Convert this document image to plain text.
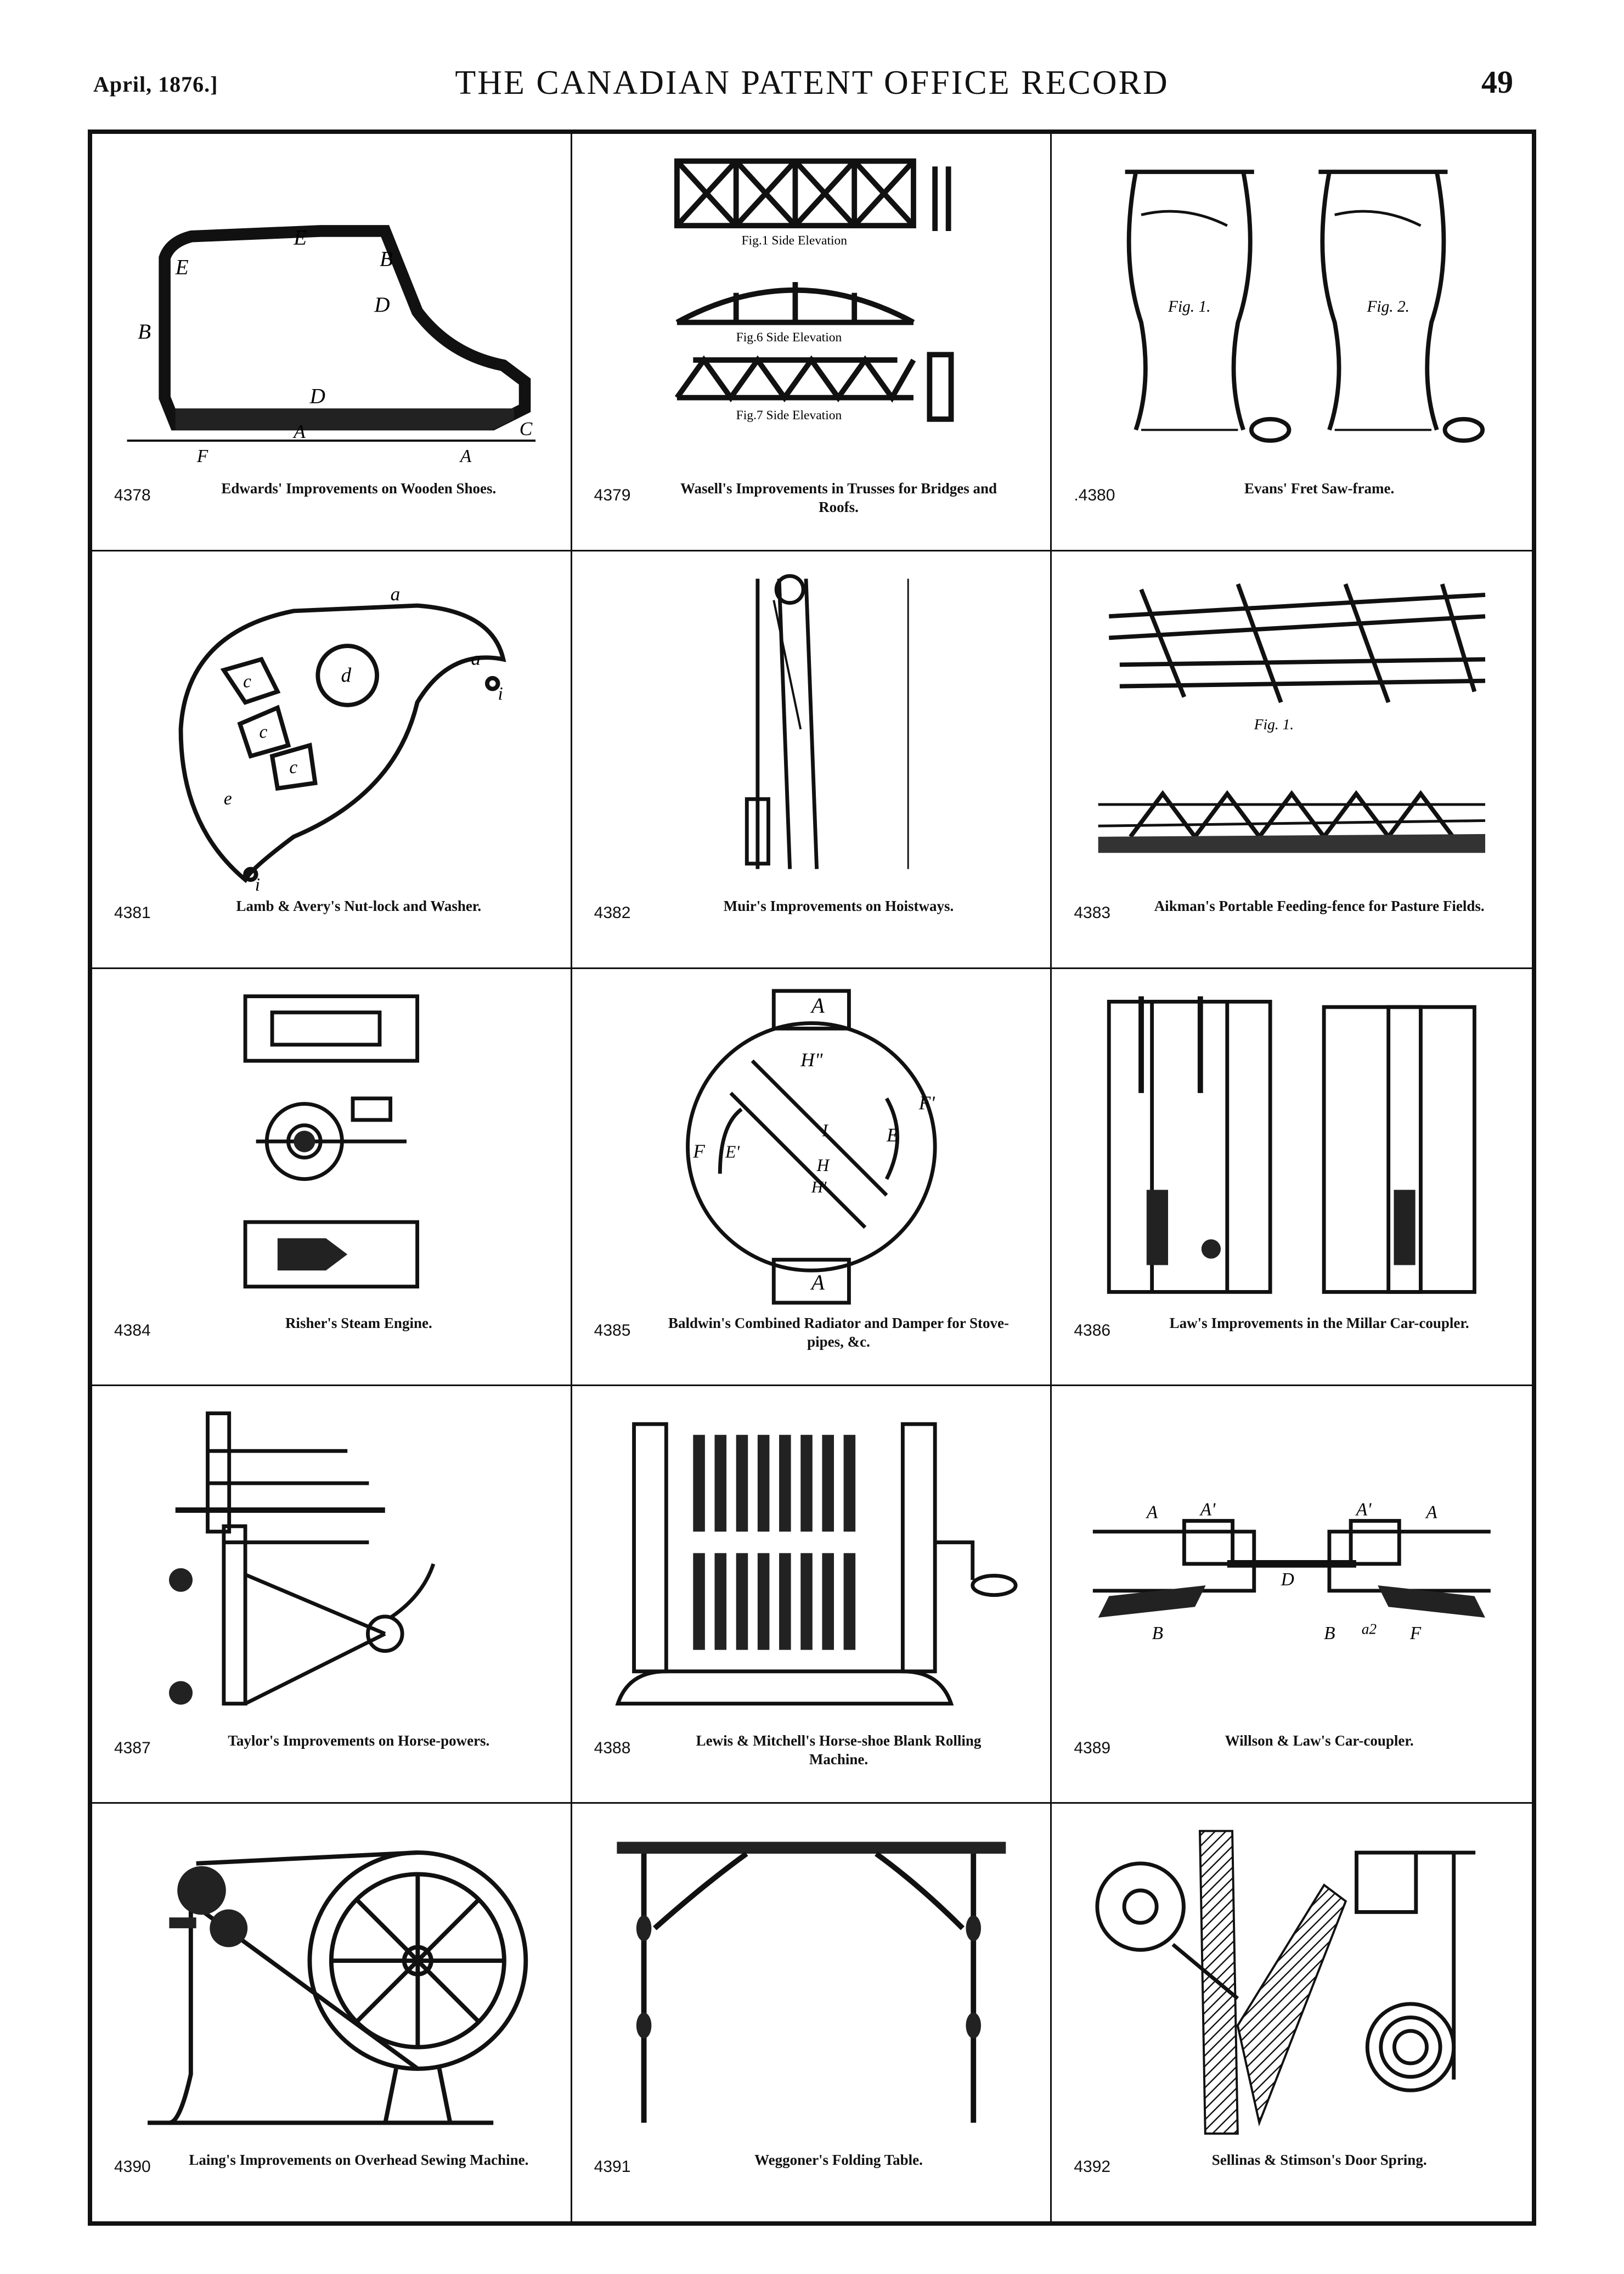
April, 1876.]	THE CANADIAN PATENT OFFICE RECORD	49
E
E
B
B
D
D
A	C
F	A
4378	Edwards' Improvements on Wooden Shoes.
Fig.1 Side Elevation
Fig.6 Side Elevation
Fig.7 Side Elevation
4379	Wasell's Improvements in Trusses for Bridges and Roofs.
Fig. 1.	Fig. 2.
.4380	Evans' Fret Saw-frame.
a
a
d
c
c
c
e
i
i
4381	Lamb & Avery's Nut-lock and Washer.	4382	Muir's Improvements on Hoistways.
Fig. 1.
4383	Aikman's Portable Feeding-fence for Pasture Fields.
4384	Risher's Steam Engine.
A
A
H"
F'
F
E
E'
I
H
H'
4385	Baldwin's Combined Radiator and Damper for Stove-pipes, &c.
4386	Law's Improvements in the Millar Car-coupler.
4387	Taylor's Improvements on Horse-powers.	4388	Lewis & Mitchell's Horse-shoe Blank Rolling Machine.
A A'	A'	A
D
B	B	F
a2
4389	Willson & Law's Car-coupler.
4390	Laing's Improvements on Overhead Sewing Machine.	4391	Weggoner's Folding Table.	4392	Sellinas & Stimson's Door Spring.
